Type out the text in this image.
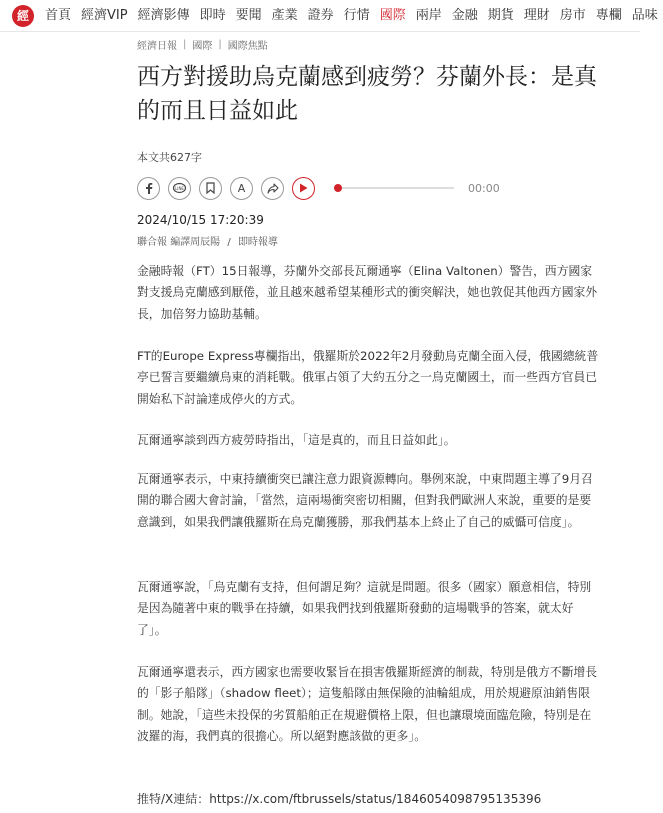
經	首頁 經濟VIP 經濟影傳 即時 要聞 產業 證券 行情 國際 兩岸 金融 期貨 理財 房市 專欄 品味
經濟日報 | 國際 | 國際焦點
西方對援助烏克蘭感到疲勞？芬蘭外長：是真的而且日益如此
本文共627字
LINE	A	00:00
2024/10/15 17:20:39
聯合報 編譯周辰陽 / 即時報導

金融時報（FT）15日報導，芬蘭外交部長瓦爾通寧（Elina Valtonen）警告，西方國家對支援烏克蘭感到厭倦，並且越來越希望某種形式的衝突解決，她也敦促其他西方國家外長，加倍努力協助基輔。

FT的Europe Express專欄指出，俄羅斯於2022年2月發動烏克蘭全面入侵，俄國總統普亭已誓言要繼續烏東的消耗戰。俄軍占領了大約五分之一烏克蘭國土，而一些西方官員已開始私下討論達成停火的方式。

瓦爾通寧談到西方疲勞時指出，「這是真的，而且日益如此」。

瓦爾通寧表示，中東持續衝突已讓注意力跟資源轉向。舉例來說，中東問題主導了9月召開的聯合國大會討論，「當然，這兩場衝突密切相關，但對我們歐洲人來說，重要的是要意識到，如果我們讓俄羅斯在烏克蘭獲勝，那我們基本上終止了自己的威懾可信度」。

瓦爾通寧說，「烏克蘭有支持，但何謂足夠？這就是問題。很多（國家）願意相信，特別是因為隨著中東的戰爭在持續，如果我們找到俄羅斯發動的這場戰爭的答案，就太好了」。

瓦爾通寧還表示，西方國家也需要收緊旨在損害俄羅斯經濟的制裁，特別是俄方不斷增長的「影子船隊」（shadow fleet）；這隻船隊由無保險的油輪組成，用於規避原油銷售限制。她說，「這些未投保的劣質船舶正在規避價格上限，但也讓環境面臨危險，特別是在波羅的海，我們真的很擔心。所以絕對應該做的更多」。

推特/X連結：https://x.com/ftbrussels/status/1846054098795135396
